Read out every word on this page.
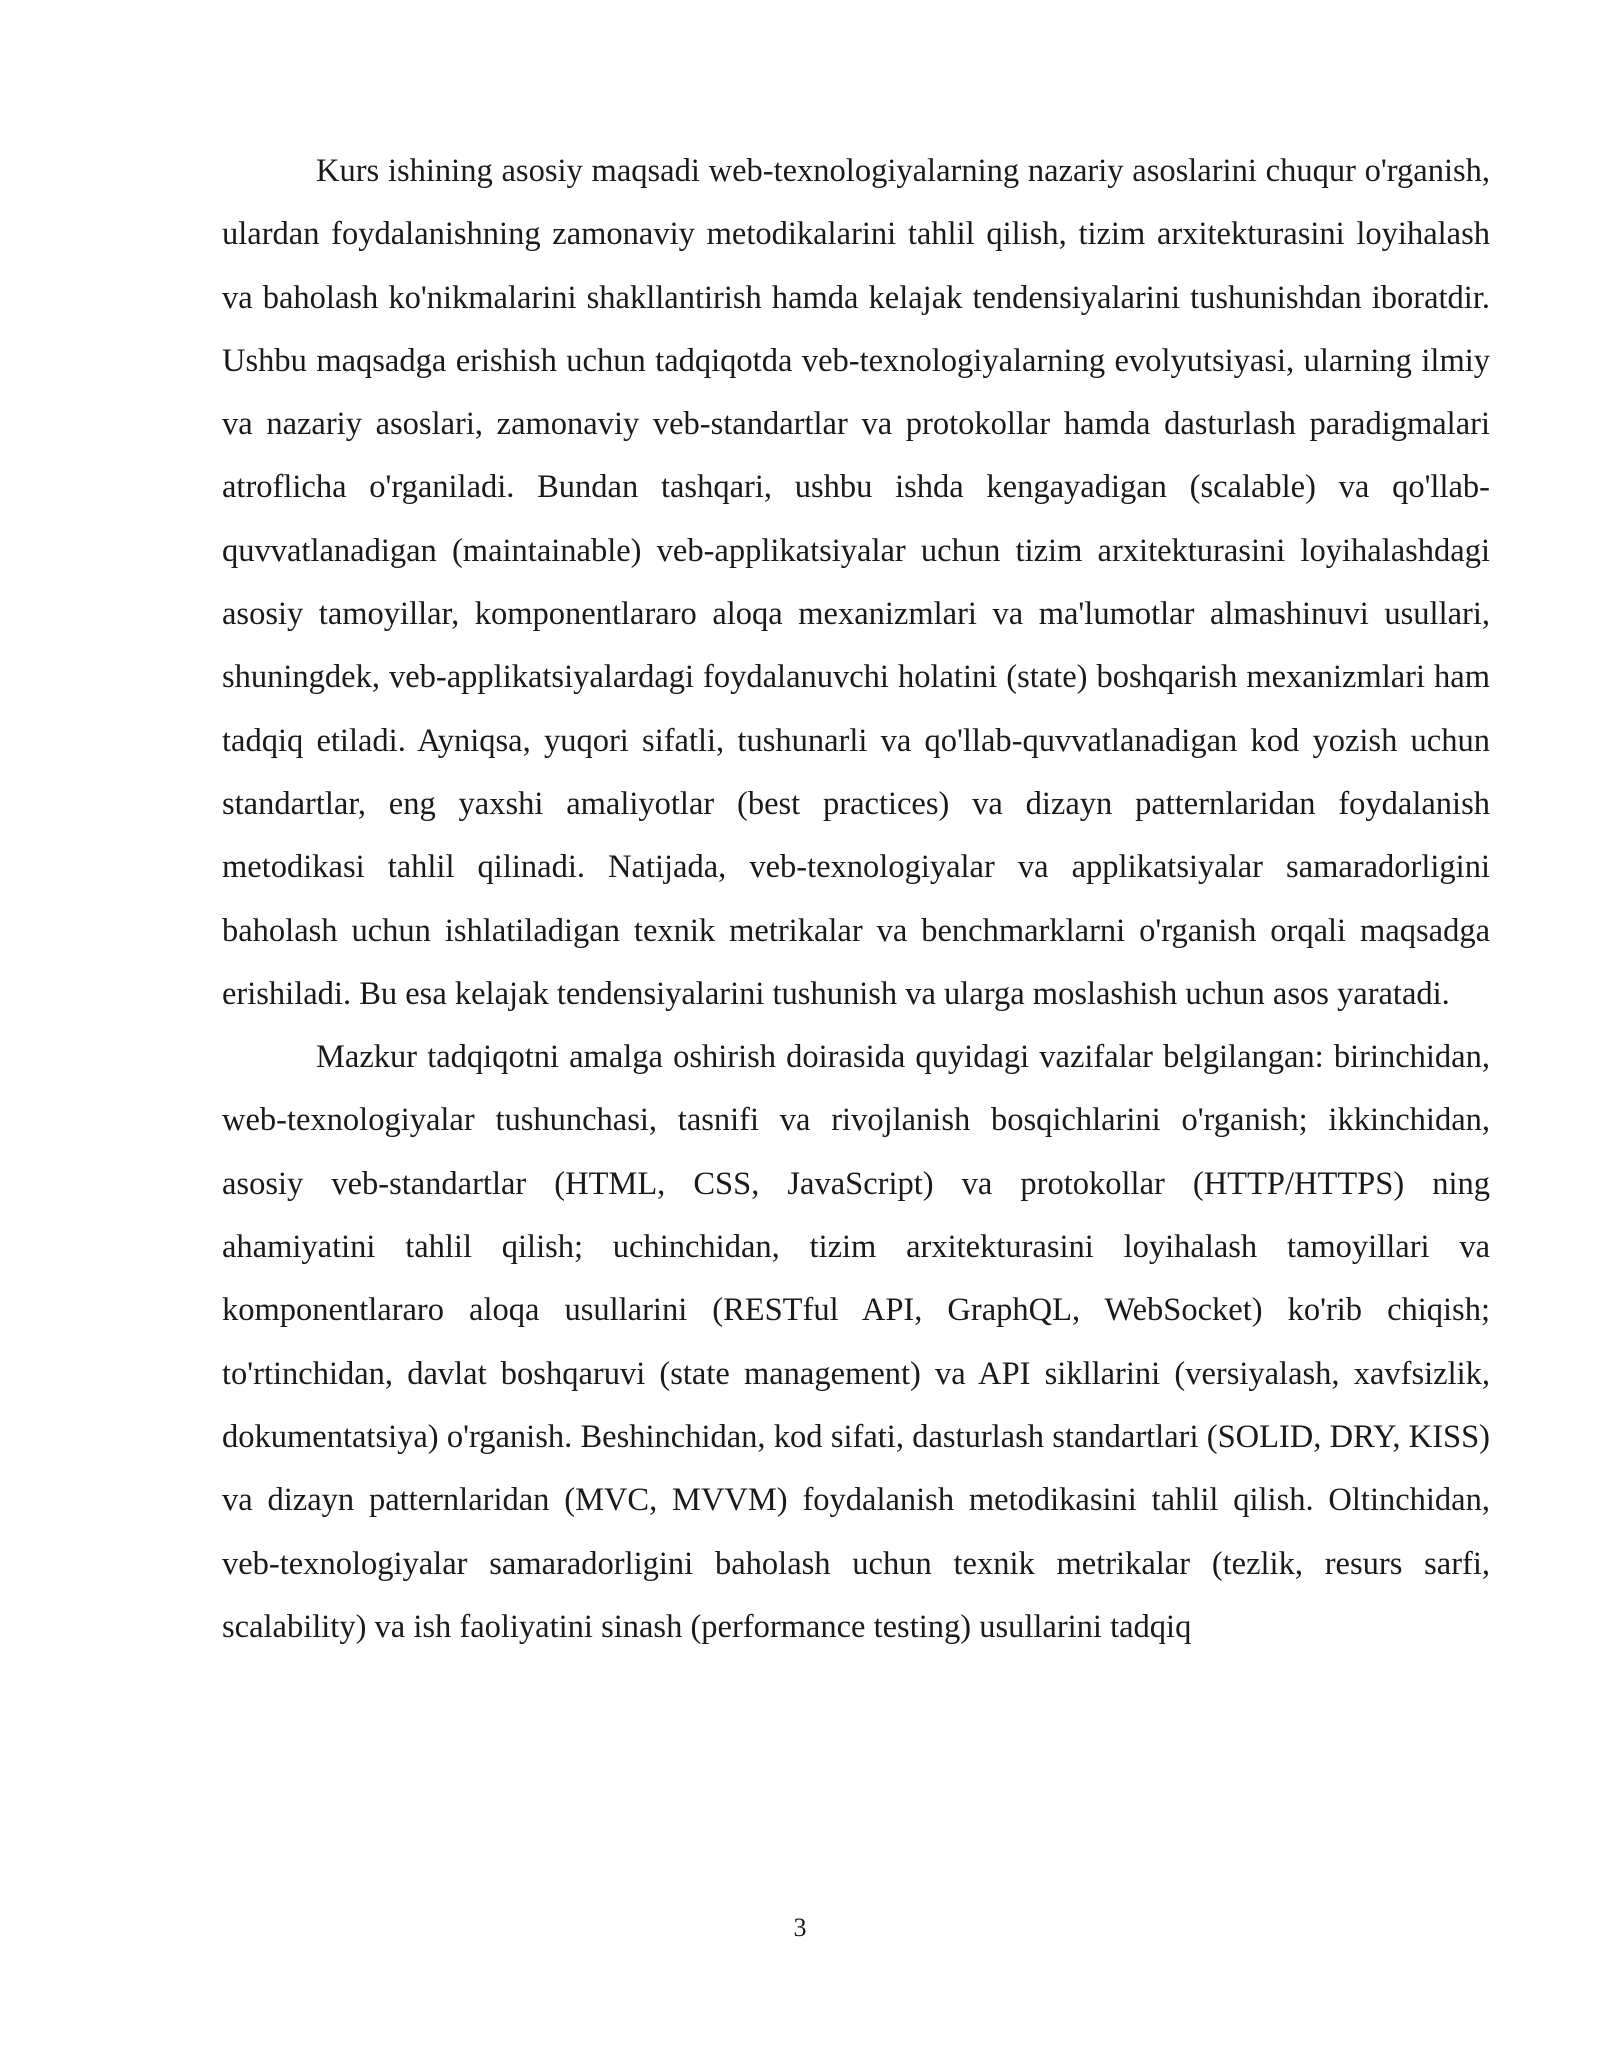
Kurs ishining asosiy maqsadi web-texnologiyalarning nazariy asoslarini chuqur o'rganish, ulardan foydalanishning zamonaviy metodikalarini tahlil qilish, tizim arxitekturasini loyihalash va baholash ko'nikmalarini shakllantirish hamda kelajak tendensiyalarini tushunishdan iboratdir. Ushbu maqsadga erishish uchun tadqiqotda veb-texnologiyalarning evolyutsiyasi, ularning ilmiy va nazariy asoslari, zamonaviy veb-standartlar va protokollar hamda dasturlash paradigmalari atroflicha o'rganiladi. Bundan tashqari, ushbu ishda kengayadigan (scalable) va qo'llab-quvvatlanadigan (maintainable) veb-applikatsiyalar uchun tizim arxitekturasini loyihalashdagi asosiy tamoyillar, komponentlararo aloqa mexanizmlari va ma'lumotlar almashinuvi usullari, shuningdek, veb-applikatsiyalardagi foydalanuvchi holatini (state) boshqarish mexanizmlari ham tadqiq etiladi. Ayniqsa, yuqori sifatli, tushunarli va qo'llab-quvvatlanadigan kod yozish uchun standartlar, eng yaxshi amaliyotlar (best practices) va dizayn patternlaridan foydalanish metodikasi tahlil qilinadi. Natijada, veb-texnologiyalar va applikatsiyalar samaradorligini baholash uchun ishlatiladigan texnik metrikalar va benchmarklarni o'rganish orqali maqsadga erishiladi. Bu esa kelajak tendensiyalarini tushunish va ularga moslashish uchun asos yaratadi.

Mazkur tadqiqotni amalga oshirish doirasida quyidagi vazifalar belgilangan: birinchidan, web-texnologiyalar tushunchasi, tasnifi va rivojlanish bosqichlarini o'rganish; ikkinchidan, asosiy veb-standartlar (HTML, CSS, JavaScript) va protokollar (HTTP/HTTPS) ning ahamiyatini tahlil qilish; uchinchidan, tizim arxitekturasini loyihalash tamoyillari va komponentlararo aloqa usullarini (RESTful API, GraphQL, WebSocket) ko'rib chiqish; to'rtinchidan, davlat boshqaruvi (state management) va API sikllarini (versiyalash, xavfsizlik, dokumentatsiya) o'rganish. Beshinchidan, kod sifati, dasturlash standartlari (SOLID, DRY, KISS) va dizayn patternlaridan (MVC, MVVM) foydalanish metodikasini tahlil qilish. Oltinchidan, veb-texnologiyalar samaradorligini baholash uchun texnik metrikalar (tezlik, resurs sarfi, scalability) va ish faoliyatini sinash (performance testing) usullarini tadqiq

3
